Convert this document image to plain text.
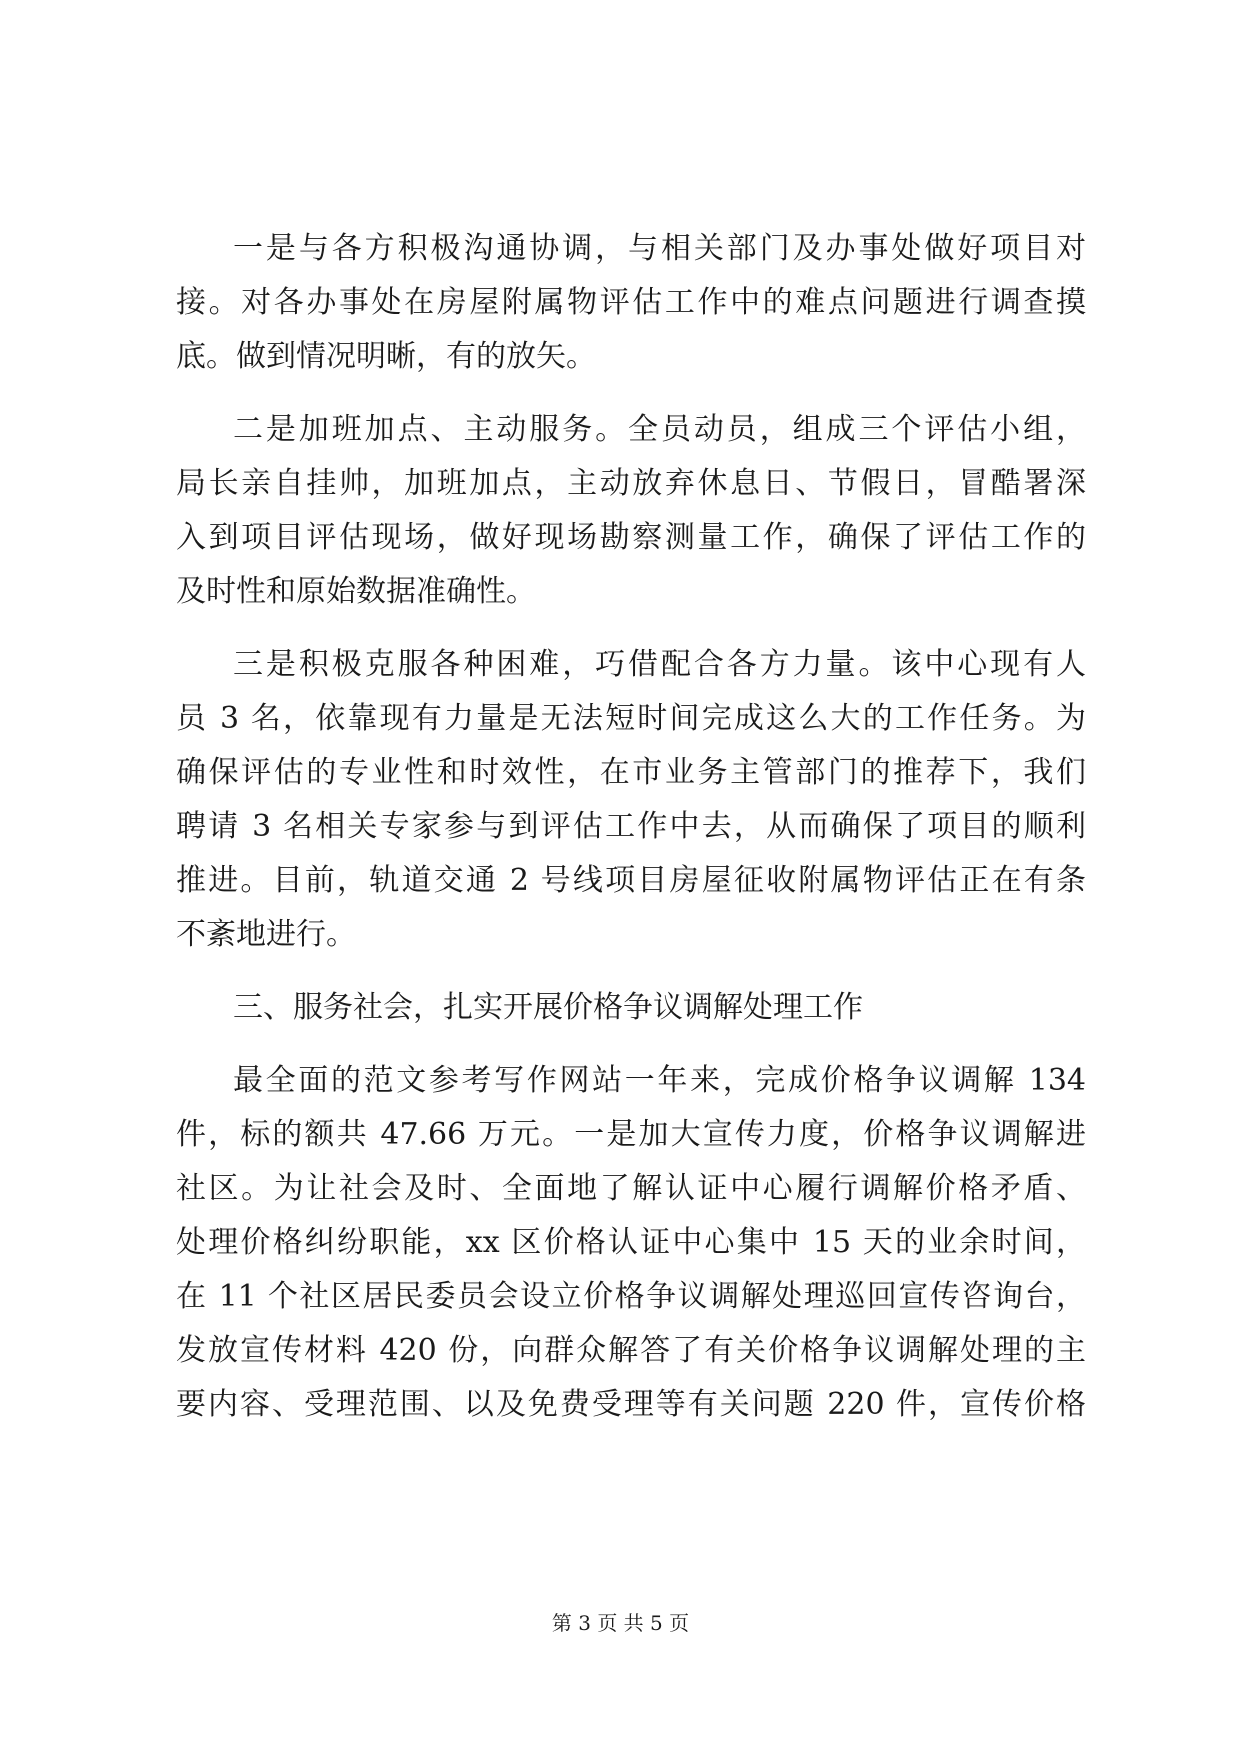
一是与各方积极沟通协调，与相关部门及办事处做好项目对
接。对各办事处在房屋附属物评估工作中的难点问题进行调查摸
底。做到情况明晰，有的放矢。
二是加班加点、主动服务。全员动员，组成三个评估小组，
局长亲自挂帅，加班加点，主动放弃休息日、节假日，冒酷署深
入到项目评估现场，做好现场勘察测量工作，确保了评估工作的
及时性和原始数据准确性。
三是积极克服各种困难，巧借配合各方力量。该中心现有人
员 3 名，依靠现有力量是无法短时间完成这么大的工作任务。为
确保评估的专业性和时效性，在市业务主管部门的推荐下，我们
聘请 3 名相关专家参与到评估工作中去，从而确保了项目的顺利
推进。目前，轨道交通 2 号线项目房屋征收附属物评估正在有条
不紊地进行。
三、服务社会，扎实开展价格争议调解处理工作
最全面的范文参考写作网站一年来，完成价格争议调解 134
件，标的额共 47.66 万元。一是加大宣传力度，价格争议调解进
社区。为让社会及时、全面地了解认证中心履行调解价格矛盾、
处理价格纠纷职能，xx 区价格认证中心集中 15 天的业余时间，
在 11 个社区居民委员会设立价格争议调解处理巡回宣传咨询台，
发放宣传材料 420 份，向群众解答了有关价格争议调解处理的主
要内容、受理范围、以及免费受理等有关问题 220 件，宣传价格
第 3 页 共 5 页
